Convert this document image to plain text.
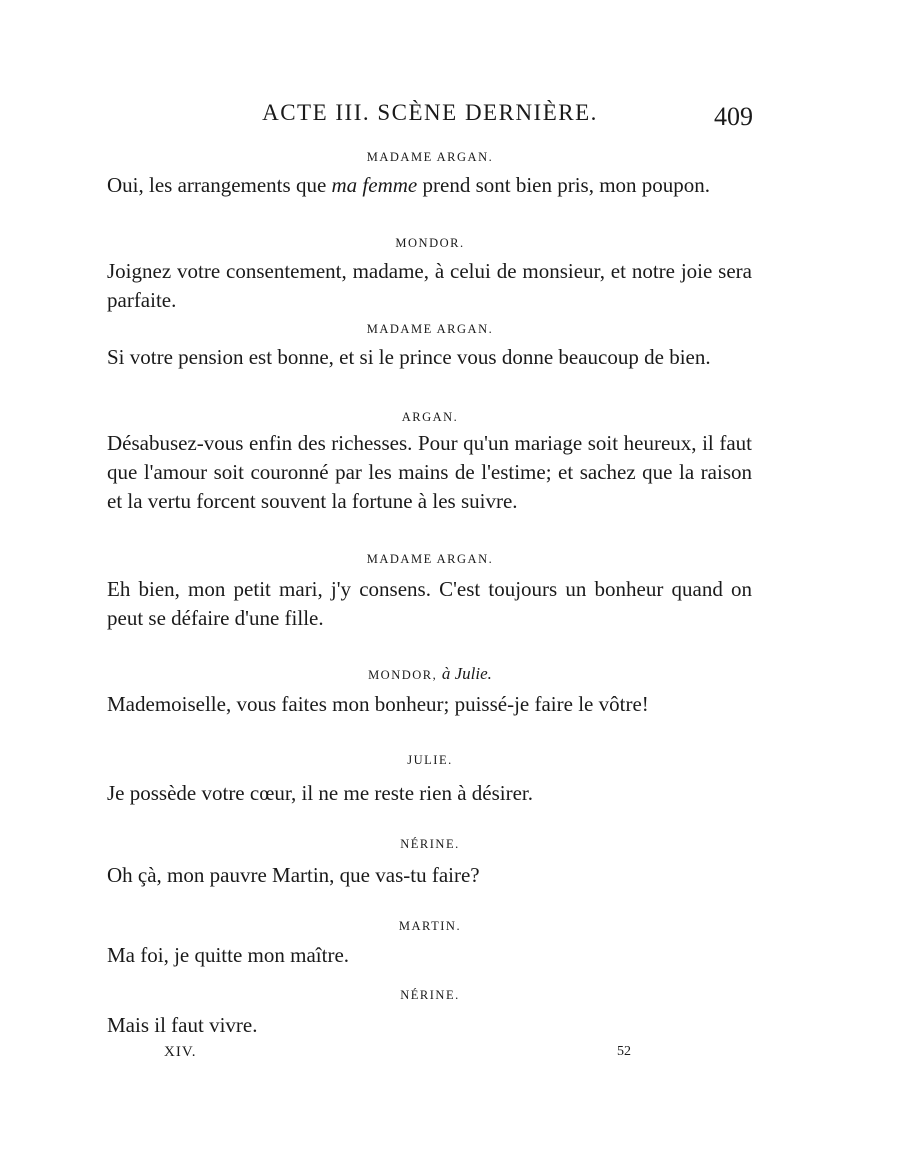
ACTE III. SCÈNE DERNIÈRE.	409
MADAME ARGAN.
Oui, les arrangements que ma femme prend sont bien pris, mon poupon.
MONDOR.
Joignez votre consentement, madame, à celui de monsieur, et notre joie sera parfaite.
MADAME ARGAN.
Si votre pension est bonne, et si le prince vous donne beaucoup de bien.
ARGAN.
Désabusez-vous enfin des richesses. Pour qu'un mariage soit heureux, il faut que l'amour soit couronné par les mains de l'estime; et sachez que la raison et la vertu forcent souvent la fortune à les suivre.
MADAME ARGAN.
Eh bien, mon petit mari, j'y consens. C'est toujours un bonheur quand on peut se défaire d'une fille.
MONDOR, à Julie.
Mademoiselle, vous faites mon bonheur; puissé-je faire le vôtre!
JULIE.
Je possède votre cœur, il ne me reste rien à désirer.
NÉRINE.
Oh çà, mon pauvre Martin, que vas-tu faire?
MARTIN.
Ma foi, je quitte mon maître.
NÉRINE.
Mais il faut vivre.
XIV.	52
